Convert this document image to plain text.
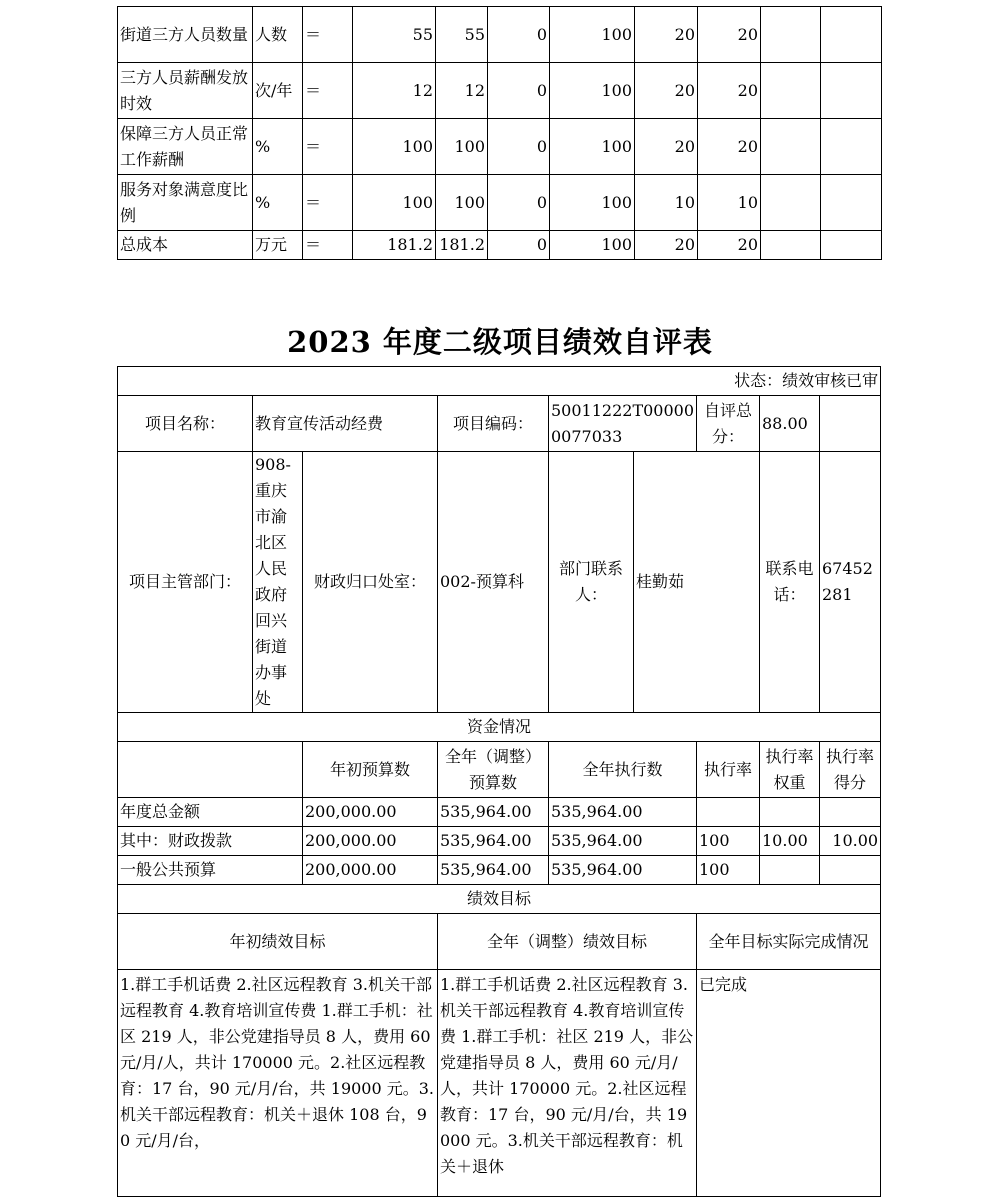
街道三方人员数量	人数	＝	55	55	0	100	20	20		
三方人员薪酬发放时效	次/年	＝	12	12	0	100	20	20		
保障三方人员正常工作薪酬	%	＝	100	100	0	100	20	20		
服务对象满意度比例	%	＝	100	100	0	100	10	10		
总成本	万元	＝	181.2	181.2	0	100	20	20		
2023 年度二级项目绩效自评表
状态：绩效审核已审								
项目名称：	教育宣传活动经费		项目编码：	50011222T000000077033		自评总分：	88.00	
项目主管部门：	908-重庆市渝北区人民政府回兴街道办事处	财政归口处室：	002-预算科	部门联系人：	桂勤茹		联系电话：	67452281
资金情况								
		年初预算数	全年（调整）预算数	全年执行数		执行率	执行率权重	执行率得分
年度总金额		200,000.00	535,964.00	535,964.00				
其中：财政拨款		200,000.00	535,964.00	535,964.00		100	10.00	10.00
一般公共预算		200,000.00	535,964.00	535,964.00		100		
绩效目标								
年初绩效目标			全年（调整）绩效目标			全年目标实际完成情况		
1.群工手机话费 2.社区远程教育 3.机关干部远程教育 4.教育培训宣传费 1.群工手机：社区 219 人，非公党建指导员 8 人，费用 60 元/月/人，共计 170000 元。2.社区远程教育：17 台，90 元/月/台，共 19000 元。3.机关干部远程教育：机关＋退休 108 台，90 元/月/台，			1.群工手机话费 2.社区远程教育 3.机关干部远程教育 4.教育培训宣传费 1.群工手机：社区 219 人，非公党建指导员 8 人，费用 60 元/月/人，共计 170000 元。2.社区远程教育：17 台，90 元/月/台，共 19000 元。3.机关干部远程教育：机关＋退休			已完成		
